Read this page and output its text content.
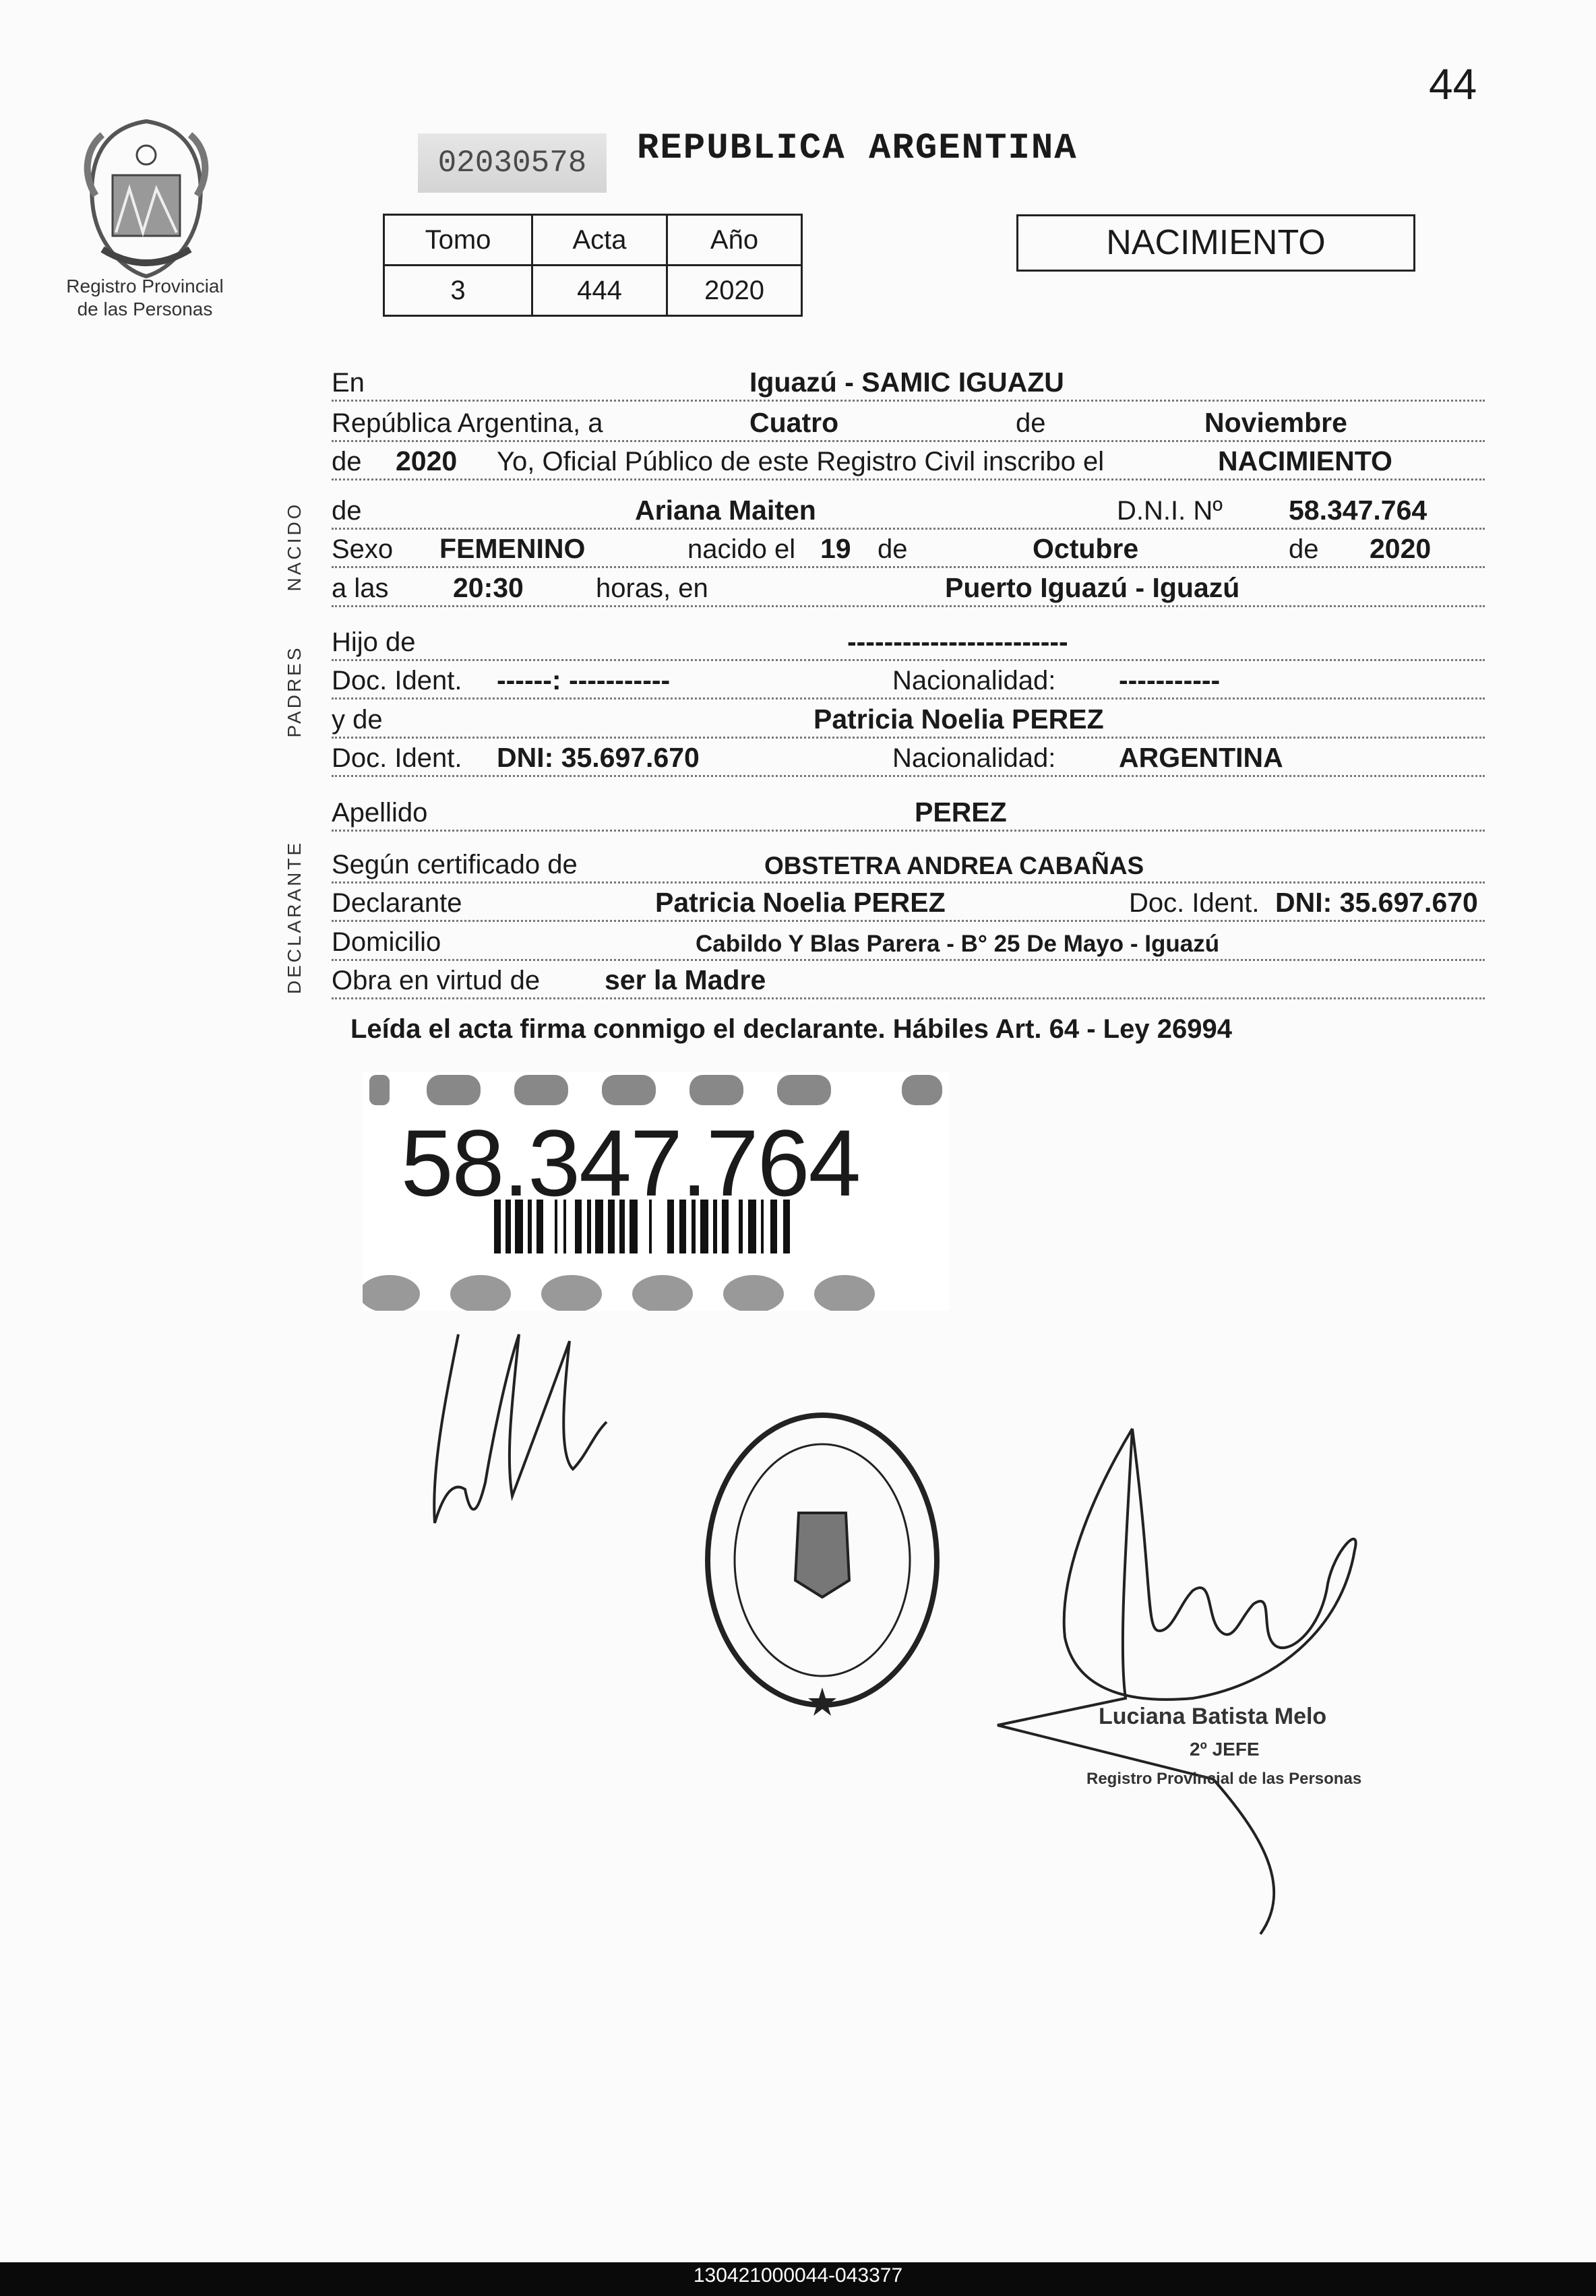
44
Registro Provincial
de las Personas
02030578	REPUBLICA ARGENTINA
Tomo	Acta	Año
3	444	2020
NACIMIENTO
En	Iguazú - SAMIC IGUAZU
República Argentina, a	Cuatro	de	Noviembre
de 2020 Yo, Oficial Público de este Registro Civil inscribo el	NACIMIENTO
NACIDO de	Ariana Maiten	D.N.I. Nº 58.347.764
Sexo FEMENINO	nacido el 19 de	Octubre	de 2020
a las 20:30	horas, en	Puerto Iguazú - Iguazú
PADRES
Hijo de	------------------------
Doc. Ident. ------: -----------	Nacionalidad: -----------
y de	Patricia Noelia PEREZ
Doc. Ident. DNI: 35.697.670	Nacionalidad: ARGENTINA
Apellido	PEREZ
DECLARANTE Según certificado de	OBSTETRA ANDREA CABAÑAS
Declarante	Patricia Noelia PEREZ	Doc. Ident. DNI: 35.697.670
Domicilio	Cabildo Y Blas Parera - B° 25 De Mayo - Iguazú
Obra en virtud de ser la Madre
Leída el acta firma conmigo el declarante. Hábiles Art. 64 - Ley 26994
58.347.764
Luciana Batista Melo
2º JEFE
Registro Provincial de las Personas
130421000044-043377
